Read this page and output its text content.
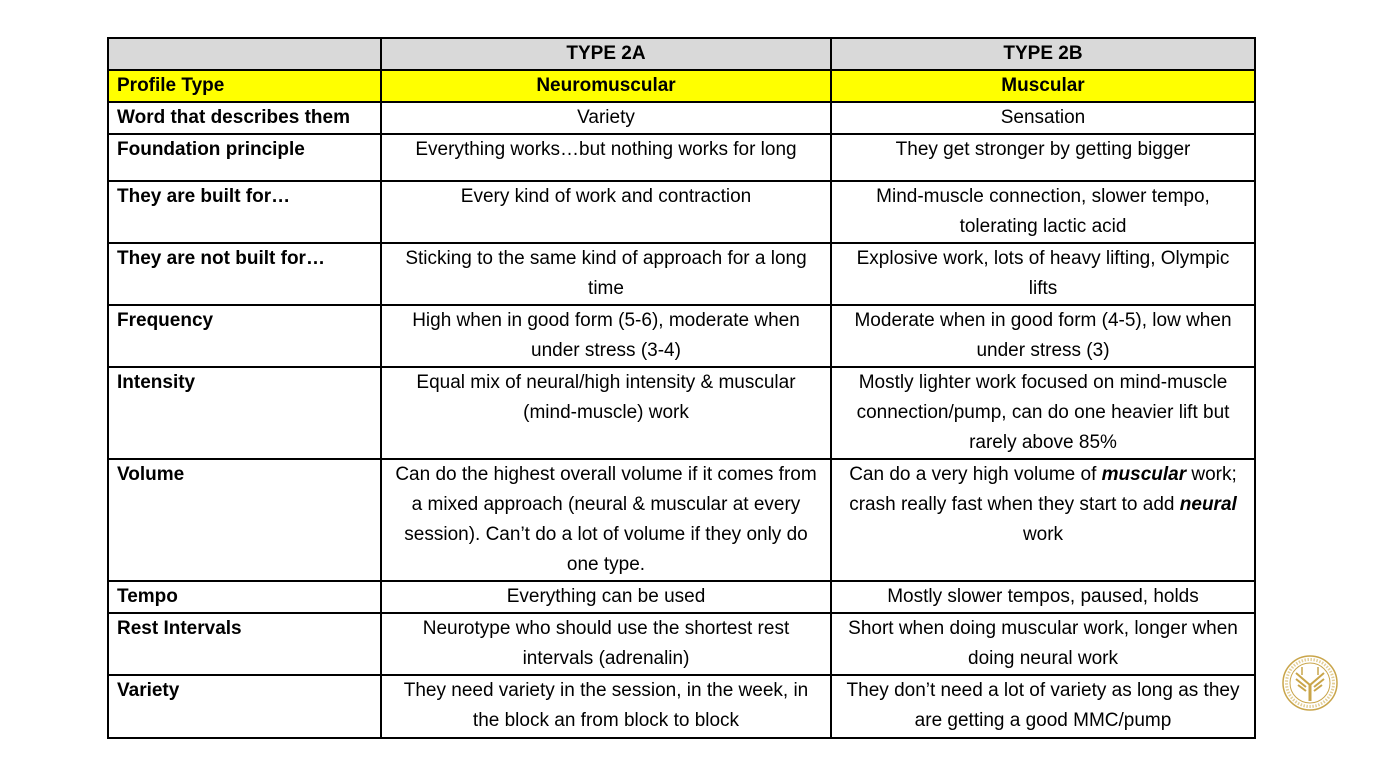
	TYPE 2A	TYPE 2B
Profile Type	Neuromuscular	Muscular
Word that describes them	Variety	Sensation
Foundation principle	Everything works…but nothing works for long	They get stronger by getting bigger
They are built for…	Every kind of work and contraction	Mind-muscle connection, slower tempo, tolerating lactic acid
They are not built for…	Sticking to the same kind of approach for a long time	Explosive work, lots of heavy lifting, Olympic lifts
Frequency	High when in good form (5-6), moderate when under stress (3-4)	Moderate when in good form (4-5), low when under stress (3)
Intensity	Equal mix of neural/high intensity & muscular (mind-muscle) work	Mostly lighter work focused on mind-muscle connection/pump, can do one heavier lift but rarely above 85%
Volume	Can do the highest overall volume if it comes from a mixed approach (neural & muscular at every session). Can’t do a lot of volume if they only do one type.	Can do a very high volume of muscular work; crash really fast when they start to add neural work
Tempo	Everything can be used	Mostly slower tempos, paused, holds
Rest Intervals	Neurotype who should use the shortest rest intervals (adrenalin)	Short when doing muscular work, longer when doing neural work
Variety	They need variety in the session, in the week, in the block an from block to block	They don’t need a lot of variety as long as they are getting a good MMC/pump
